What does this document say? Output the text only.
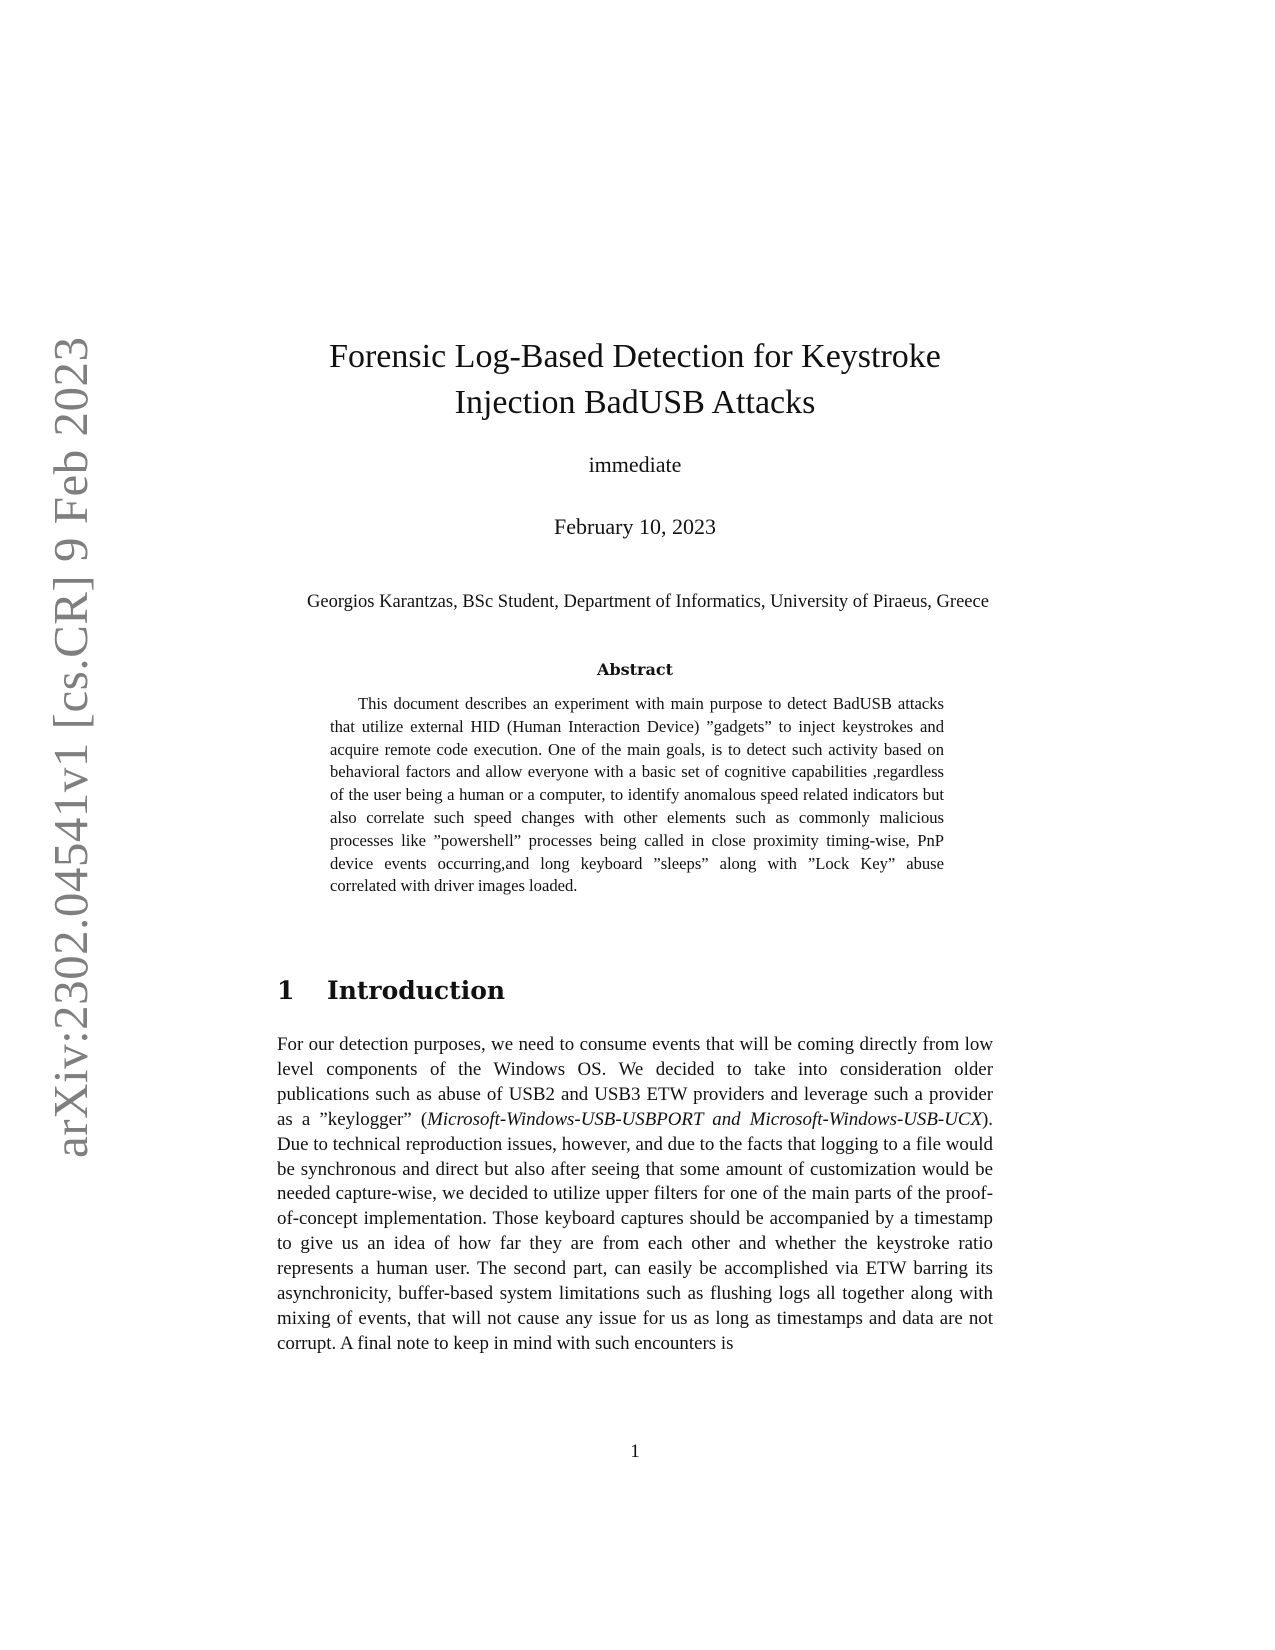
arXiv:2302.04541v1 [cs.CR] 9 Feb 2023	Forensic Log-Based Detection for Keystroke
Injection BadUSB Attacks
immediate
February 10, 2023
Georgios Karantzas, BSc Student, Department of Informatics, University of Piraeus, Greece
Abstract

This document describes an experiment with main purpose to detect BadUSB attacks that utilize external HID (Human Interaction Device) ”gadgets” to inject keystrokes and acquire remote code execution. One of the main goals, is to detect such activity based on behavioral factors and allow everyone with a basic set of cognitive capabilities ,regardless of the user being a human or a computer, to identify anomalous speed related indicators but also correlate such speed changes with other elements such as commonly malicious processes like ”powershell” processes being called in close proximity timing-wise, PnP device events occurring,and long keyboard ”sleeps” along with ”Lock Key” abuse correlated with driver images loaded.

1 Introduction

For our detection purposes, we need to consume events that will be coming directly from low level components of the Windows OS. We decided to take into consideration older publications such as abuse of USB2 and USB3 ETW providers and leverage such a provider as a ”keylogger” (Microsoft-Windows-USB-USBPORT and Microsoft-Windows-USB-UCX). Due to technical reproduction issues, however, and due to the facts that logging to a file would be synchronous and direct but also after seeing that some amount of customization would be needed capture-wise, we decided to utilize upper filters for one of the main parts of the proof-of-concept implementation. Those keyboard captures should be accompanied by a timestamp to give us an idea of how far they are from each other and whether the keystroke ratio represents a human user. The second part, can easily be accomplished via ETW barring its asynchronicity, buffer-based system limitations such as flushing logs all together along with mixing of events, that will not cause any issue for us as long as timestamps and data are not corrupt. A final note to keep in mind with such encounters is

1
